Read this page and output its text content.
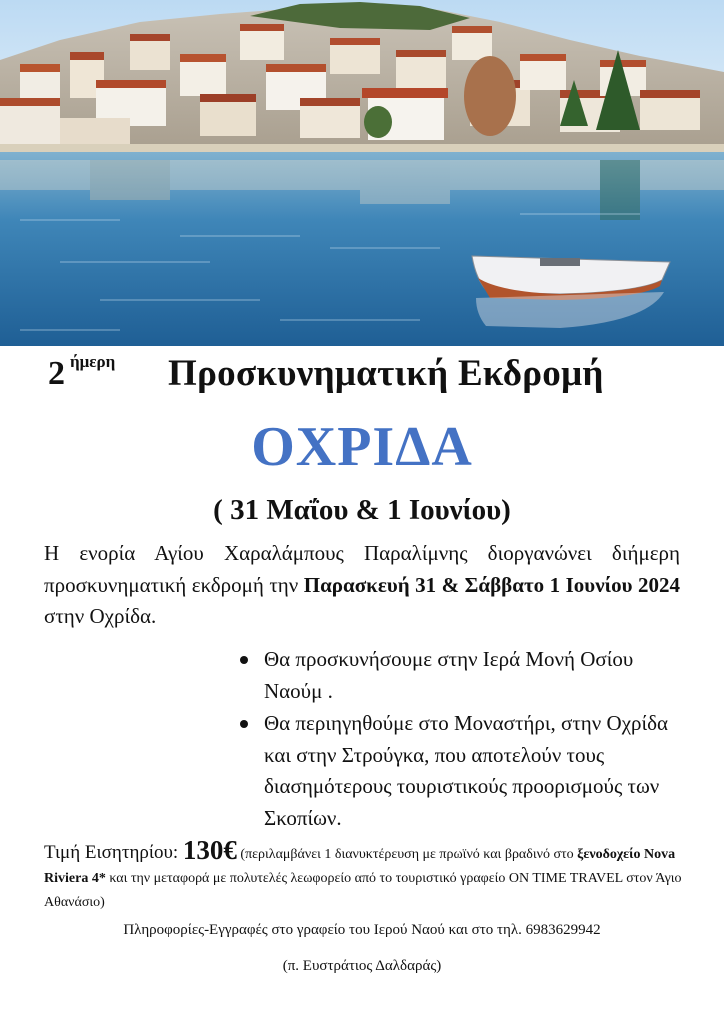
2 ήμερη Προσκυνηματική Εκδρομή
ΟΧΡΙΔΑ
( 31 Μαΐου & 1 Ιουνίου)
Η ενορία Αγίου Χαραλάμπους Παραλίμνης διοργανώνει διήμερη προσκυνηματική εκδρομή την Παρασκευή 31 & Σάββατο 1 Ιουνίου 2024 στην Οχρίδα.
Θα προσκυνήσουμε στην Ιερά Μονή Οσίου Ναούμ .
Θα περιηγηθούμε στο Μοναστήρι, στην Οχρίδα και στην Στρούγκα, που αποτελούν τους διασημότερους τουριστικούς προορισμούς των Σκοπίων.
Τιμή Εισητηρίου: 130€ (περιλαμβάνει 1 διανυκτέρευση με πρωϊνό και βραδινό στο ξενοδοχείο Nova Riviera 4* και την μεταφορά με πολυτελές λεωφορείο από το τουριστικό γραφείο ON TIME TRAVEL στον Άγιο Αθανάσιο)
Πληροφορίες-Εγγραφές στο γραφείο του Ιερού Ναού και στο τηλ. 6983629942
(π. Ευστράτιος Δαλδαράς)
